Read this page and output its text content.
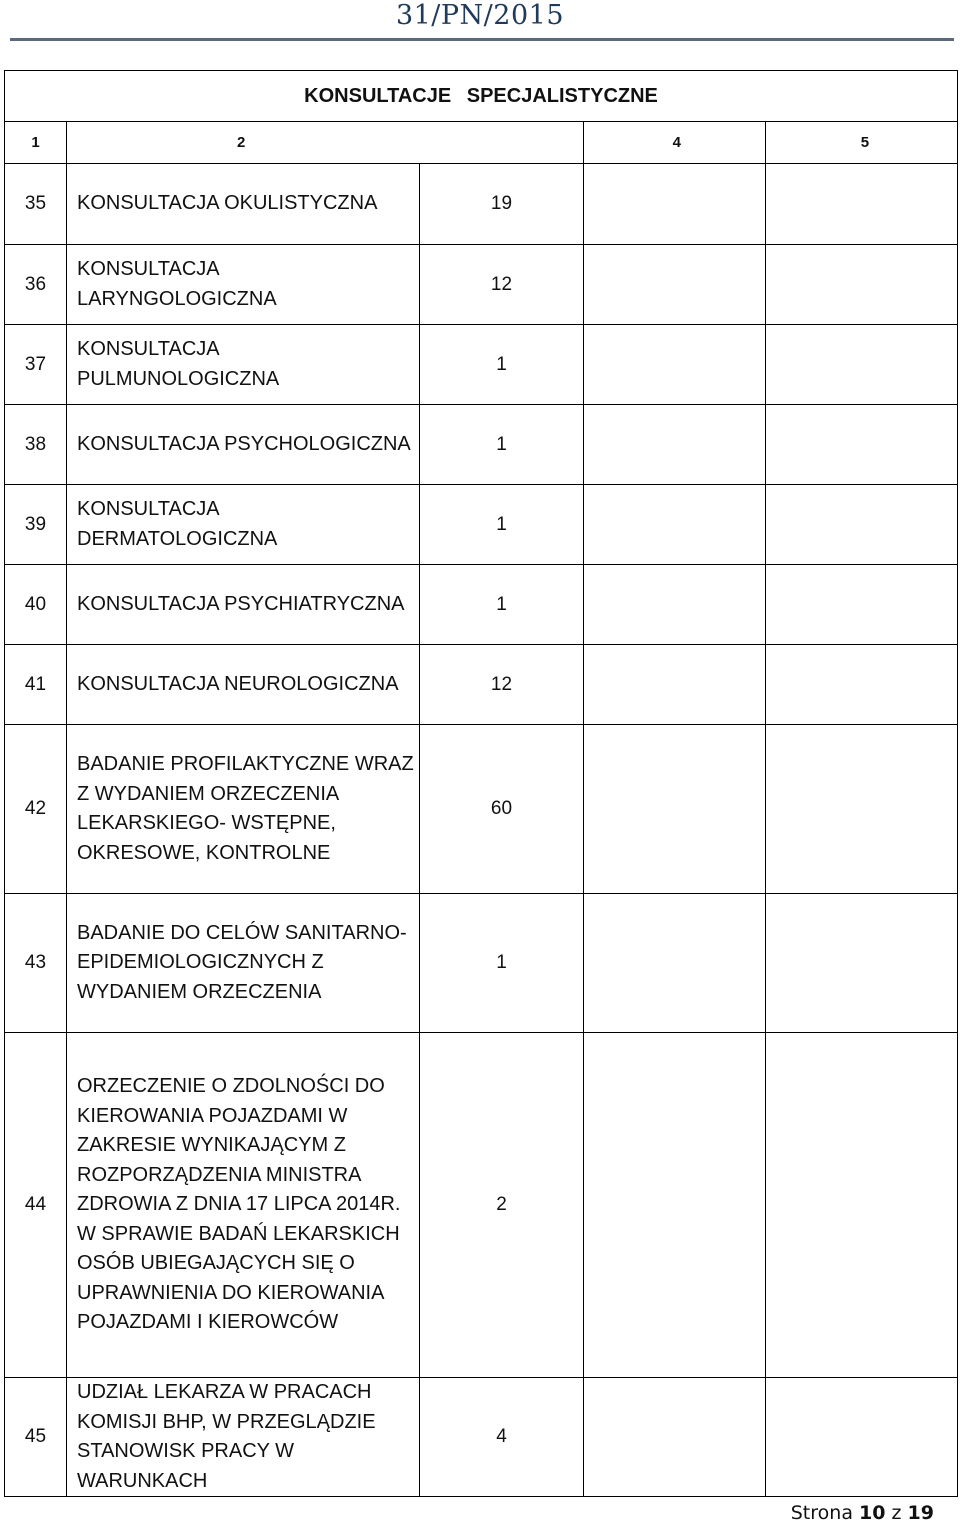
31/PN/2015
KONSULTACJE SPECJALISTYCZNE				
1	2		4	5
35	KONSULTACJA OKULISTYCZNA	19		
36	KONSULTACJA LARYNGOLOGICZNA	12		
37	KONSULTACJA PULMUNOLOGICZNA	1		
38	KONSULTACJA PSYCHOLOGICZNA	1		
39	KONSULTACJA DERMATOLOGICZNA	1		
40	KONSULTACJA PSYCHIATRYCZNA	1		
41	KONSULTACJA NEUROLOGICZNA	12		
42	BADANIE PROFILAKTYCZNE WRAZ Z WYDANIEM ORZECZENIA LEKARSKIEGO- WSTĘPNE, OKRESOWE, KONTROLNE	60		
43	BADANIE DO CELÓW SANITARNO- EPIDEMIOLOGICZNYCH Z WYDANIEM ORZECZENIA	1		
44	ORZECZENIE O ZDOLNOŚCI DO KIEROWANIA POJAZDAMI W ZAKRESIE WYNIKAJĄCYM Z ROZPORZĄDZENIA MINISTRA ZDROWIA Z DNIA 17 LIPCA 2014R. W SPRAWIE BADAŃ LEKARSKICH OSÓB UBIEGAJĄCYCH SIĘ O UPRAWNIENIA DO KIEROWANIA POJAZDAMI I KIEROWCÓW	2		
45	UDZIAŁ LEKARZA W PRACACH KOMISJI BHP, W PRZEGLĄDZIE STANOWISK PRACY W WARUNKACH	4		
Strona 10 z 19
